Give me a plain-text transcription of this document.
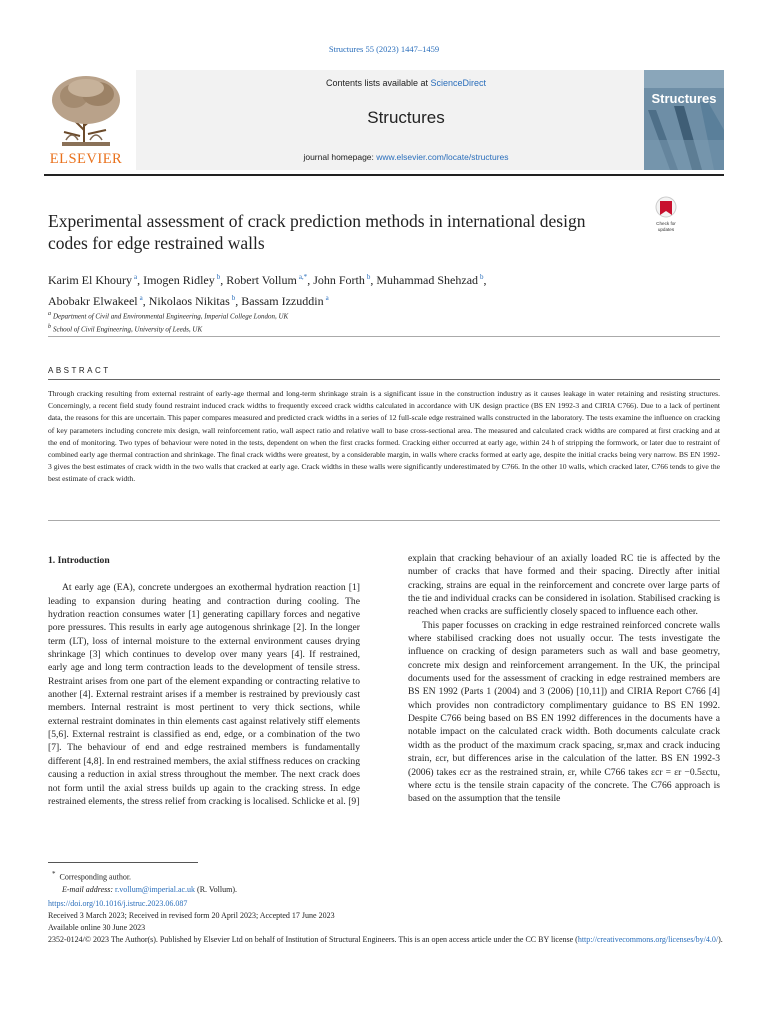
Structures 55 (2023) 1447–1459
ELSEVIER
Contents lists available at ScienceDirect
Structures
journal homepage: www.elsevier.com/locate/structures
Structures
Experimental assessment of crack prediction methods in international design codes for edge restrained walls
Check for
updates
Karim El Khoury $^a$, Imogen Ridley $^b$, Robert Vollum $^{a,*}$, John Forth $^b$, Muhammad Shehzad $^b$,
Abobakr Elwakeel $^a$, Nikolaos Nikitas $^b$, Bassam Izzuddin $^a$
$^a$ Department of Civil and Environmental Engineering, Imperial College London, UK
$^b$ School of Civil Engineering, University of Leeds, UK
ABSTRACT
Through cracking resulting from external restraint of early-age thermal and long-term shrinkage strain is a significant issue in the construction industry as it causes leakage in water retaining and resisting structures. Concerningly, a recent field study found restraint induced crack widths to frequently exceed crack widths calculated in accordance with UK design practice (BS EN 1992-3 and CIRIA C766). Due to a lack of pertinent data, the reasons for this are uncertain. This paper compares measured and predicted crack widths in a series of 12 full-scale edge restrained walls constructed in the laboratory. The tests examine the influence on cracking of key parameters including concrete mix design, wall reinforcement ratio, wall aspect ratio and relative wall to base cross-sectional area. The measured and calculated crack widths are compared at first cracking and at the end of monitoring. Two types of behaviour were noted in the tests, dependent on when the first cracks formed. Cracking either occurred at early age, within 24 h of stripping the formwork, or later due to restraint of combined early age thermal contraction and shrinkage. The final crack widths were greatest, by a considerable margin, in walls where cracks formed at early age, despite the initial cracks being very narrow. BS EN 1992-3 gives the best estimates of crack width in the two walls that cracked at early age. Crack widths in these walls were significantly underestimated by C766. In the other 10 walls, which cracked later, C766 tends to give the best estimate of crack width.

1. Introduction

At early age (EA), concrete undergoes an exothermal hydration reaction [1] leading to expansion during heating and contraction during cooling. The hydration reaction consumes water [1] generating capillary forces and negative pore pressures. This results in early age autogenous shrinkage [2]. In the longer term (LT), loss of internal moisture to the external environment causes drying shrinkage [3] which continues to develop over many years [4]. If restrained, early age and long term contraction leads to the development of tensile stress. Restraint arises from one part of the element expanding or contracting relative to another [4]. External restraint arises if a member is restrained by previously cast members. Internal restraint is most pertinent to very thick sections, while external restraint dominates in thin elements cast against relatively stiff elements [5,6]. External restraint is classified as end, edge, or a combination of the two [7]. The behaviour of end and edge restrained members is fundamentally different [4,8]. In end restrained members, the axial stiffness reduces on cracking causing a reduction in axial stress throughout the member. The next crack does not form until the axial stress builds up again to the cracking stress. In edge restrained elements, the stress relief from cracking is localised. Schlicke et al. [9]

explain that cracking behaviour of an axially loaded RC tie is affected by the number of cracks that have formed and their spacing. Directly after initial cracking, strains are equal in the reinforcement and concrete over large parts of the tie and individual cracks can be considered in isolation. Stabilised cracking is reached when cracks are sufficiently closely spaced to influence each other.

This paper focusses on cracking in edge restrained reinforced concrete walls where stabilised cracking does not usually occur. The tests investigate the influence on cracking of design parameters such as wall and base geometry, concrete mix design and reinforcement arrangement. In the UK, the principal documents used for the assessment of cracking in edge restrained members are BS EN 1992 (Parts 1 (2004) and 3 (2006) [10,11]) and CIRIA Report C766 [4] which provides non contradictory complimentary guidance to BS EN 1992. Despite C766 being based on BS EN 1992 differences in the documents have a notable impact on the calculated crack width. Both documents calculate crack width as the product of the maximum crack spacing, sr,max and crack inducing strain, εcr, but differences arise in the calculation of the latter. BS EN 1992-3 (2006) takes εcr as the restrained strain, εr, while C766 takes εcr = εr −0.5εctu, where εctu is the tensile strain capacity of the concrete. The C766 approach is based on the assumption that the tensile

* Corresponding author.
E-mail address: r.vollum@imperial.ac.uk (R. Vollum).
https://doi.org/10.1016/j.istruc.2023.06.087
Received 3 March 2023; Received in revised form 20 April 2023; Accepted 17 June 2023
Available online 30 June 2023
2352-0124/© 2023 The Author(s). Published by Elsevier Ltd on behalf of Institution of Structural Engineers. This is an open access article under the CC BY license (http://creativecommons.org/licenses/by/4.0/).
